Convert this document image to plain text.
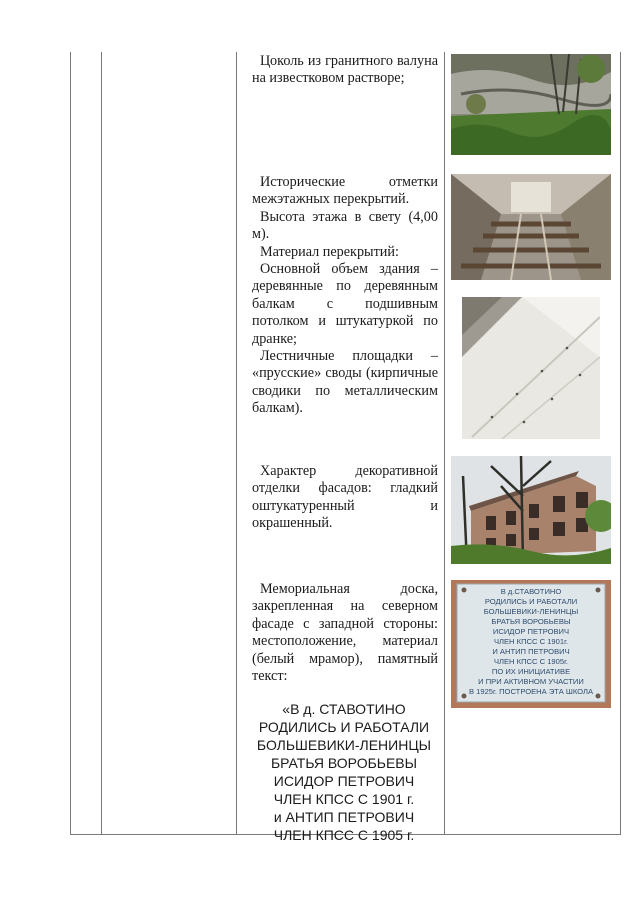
Цоколь из гранитного валуна на известковом растворе;

Исторические отметки межэтажных перекрытий.

Высота этажа в свету (4,00 м).

Материал перекрытий:

Основной объем здания – деревянные по деревянным балкам с подшивным потолком и штукатуркой по дранке;

Лестничные площадки – «прусские» своды (кирпичные сводики по металлическим балкам).

Характер декоративной отделки фасадов: гладкий оштукатуренный и окрашенный.

Мемориальная доска, закрепленная на северном фасаде с западной стороны: местоположение, материал (белый мрамор), памятный текст:

«В д. СТАВОТИНО
РОДИЛИСЬ И РАБОТАЛИ
БОЛЬШЕВИКИ-ЛЕНИНЦЫ
БРАТЬЯ ВОРОБЬЕВЫ
ИСИДОР ПЕТРОВИЧ
ЧЛЕН КПСС С 1901 г.
и АНТИП ПЕТРОВИЧ
ЧЛЕН КПСС С 1905 г.
В д.СТАВОТИНО
РОДИЛИСЬ И РАБОТАЛИ
БОЛЬШЕВИКИ-ЛЕНИНЦЫ
БРАТЬЯ ВОРОБЬЕВЫ
ИСИДОР ПЕТРОВИЧ
ЧЛЕН КПСС С 1901г.
И АНТИП ПЕТРОВИЧ
ЧЛЕН КПСС С 1905г.
ПО ИХ ИНИЦИАТИВЕ
И ПРИ АКТИВНОМ УЧАСТИИ
В 1925г. ПОСТРОЕНА ЭТА ШКОЛА
